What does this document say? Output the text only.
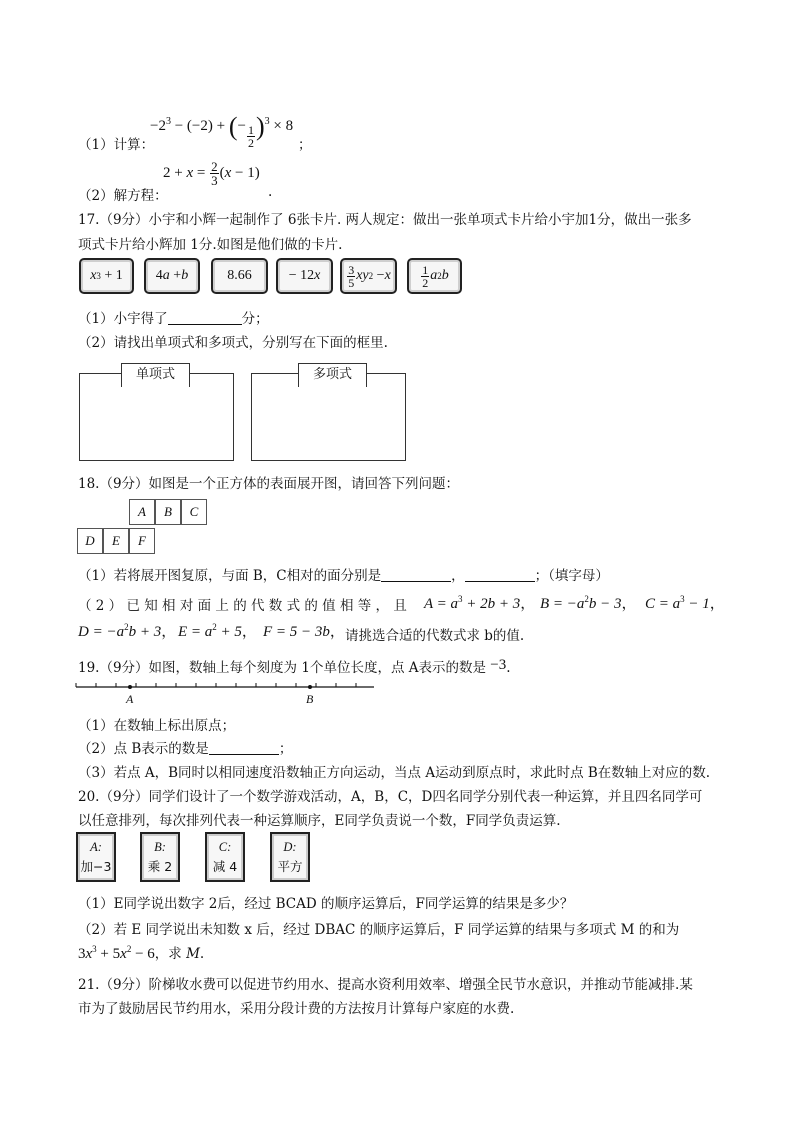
$-2^3 - (-2)$ + (− $\frac{1}{2} )^3 \times 8$
（1）计算：	；
$2 + x = \frac{2}{3} (x - 1)$
（2）解方程：	.
17.（9分）小宇和小辉一起制作了 6张卡片. 两人规定：做出一张单项式卡片给小宇加1分，做出一张多
项式卡片给小辉加 1分.如图是他们做的卡片.
x 3 + 1	4 a + b	8.66	− 12 x $\frac{3}{5}$ xy 2 − x	$\frac{1}{2}$ a 2 b
（1）小宇得了	分；
（2）请找出单项式和多项式，分别写在下面的框里.
单项式	多项式
18.（9分）如图是一个正方体的表面展开图，请回答下列问题：
A	B	C
D	E	F
（1）若将展开图复原，与面 B，C相对的面分别是	，	；（填字母）
（ 2 ） 已 知 相 对 面 上 的 代 数 式 的 值 相 等 ， 且 $A = a^3 + 2b + 3$， $B = -a^2b - 3$， $C = a^3 - 1$，
$D = -a^2b + 3$， $E = a^2 + 5$， F = 5 − 3b， 请挑选合适的代数式求 b的值.
19.（9分）如图，数轴上每个刻度为 1个单位长度，点 A表示的数是 −3.
A	B
（1）在数轴上标出原点；
（2）点 B表示的数是	；
（3）若点 A，B同时以相同速度沿数轴正方向运动，当点 A运动到原点时，求此时点 B在数轴上对应的数.
20.（9分）同学们设计了一个数学游戏活动，A，B，C，D四名同学分别代表一种运算，并且四名同学可
以任意排列，每次排列代表一种运算顺序，E同学负责说一个数，F同学负责运算.
A:
加−3
B:
乘 2
C:
减 4
D:
平方
（1）E同学说出数字 2后，经过 BCAD 的顺序运算后，F同学运算的结果是多少？
（2）若 E 同学说出未知数 x 后，经过 DBAC 的顺序运算后，F 同学运算的结果与多项式 M 的和为
$3x^3 + 5x^2 - 6$，求 M.
21.（9分）阶梯收水费可以促进节约用水、提高水资利用效率、增强全民节水意识，并推动节能减排.某
市为了鼓励居民节约用水，采用分段计费的方法按月计算每户家庭的水费.
